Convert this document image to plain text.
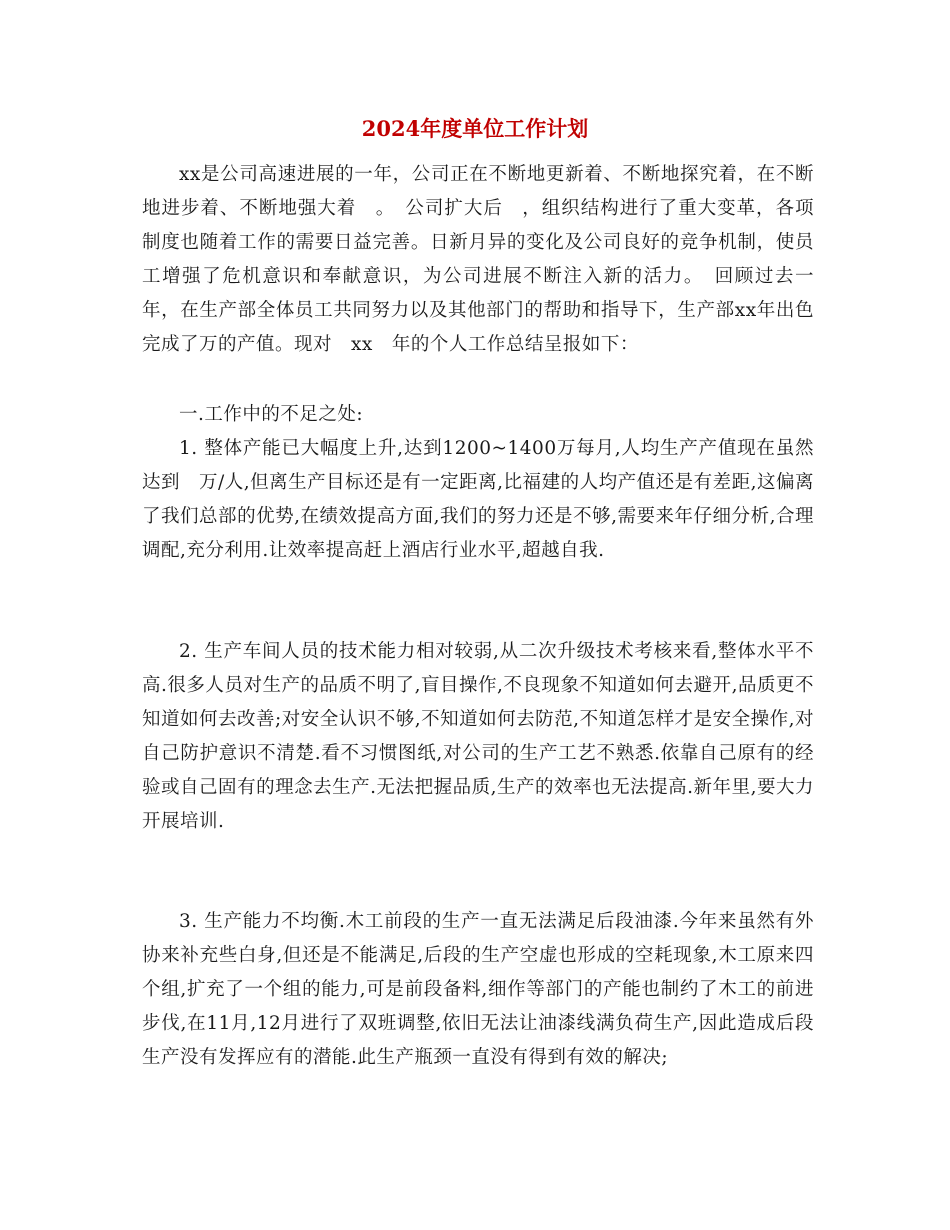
2024年度单位工作计划

xx是公司高速进展的一年，公司正在不断地更新着、不断地探究着，在不断地进步着、不断地强大着　。　公司扩大后　，组织结构进行了重大变革，各项制度也随着工作的需要日益完善。日新月异的变化及公司良好的竞争机制，使员工增强了危机意识和奉献意识，为公司进展不断注入新的活力。　回顾过去一年，在生产部全体员工共同努力以及其他部门的帮助和指导下，生产部xx年出色完成了万的产值。现对　xx　年的个人工作总结呈报如下：

一.工作中的不足之处:

1. 整体产能已大幅度上升,达到1200~1400万每月,人均生产产值现在虽然达到　万/人,但离生产目标还是有一定距离,比福建的人均产值还是有差距,这偏离了我们总部的优势,在绩效提高方面,我们的努力还是不够,需要来年仔细分析,合理调配,充分利用.让效率提高赶上酒店行业水平,超越自我.

2. 生产车间人员的技术能力相对较弱,从二次升级技术考核来看,整体水平不高.很多人员对生产的品质不明了,盲目操作,不良现象不知道如何去避开,品质更不知道如何去改善;对安全认识不够,不知道如何去防范,不知道怎样才是安全操作,对自己防护意识不清楚.看不习惯图纸,对公司的生产工艺不熟悉.依靠自己原有的经验或自己固有的理念去生产.无法把握品质,生产的效率也无法提高.新年里,要大力开展培训.

3. 生产能力不均衡.木工前段的生产一直无法满足后段油漆.今年来虽然有外协来补充些白身,但还是不能满足,后段的生产空虚也形成的空耗现象,木工原来四个组,扩充了一个组的能力,可是前段备料,细作等部门的产能也制约了木工的前进步伐,在11月,12月进行了双班调整,依旧无法让油漆线满负荷生产,因此造成后段生产没有发挥应有的潜能.此生产瓶颈一直没有得到有效的解决;
